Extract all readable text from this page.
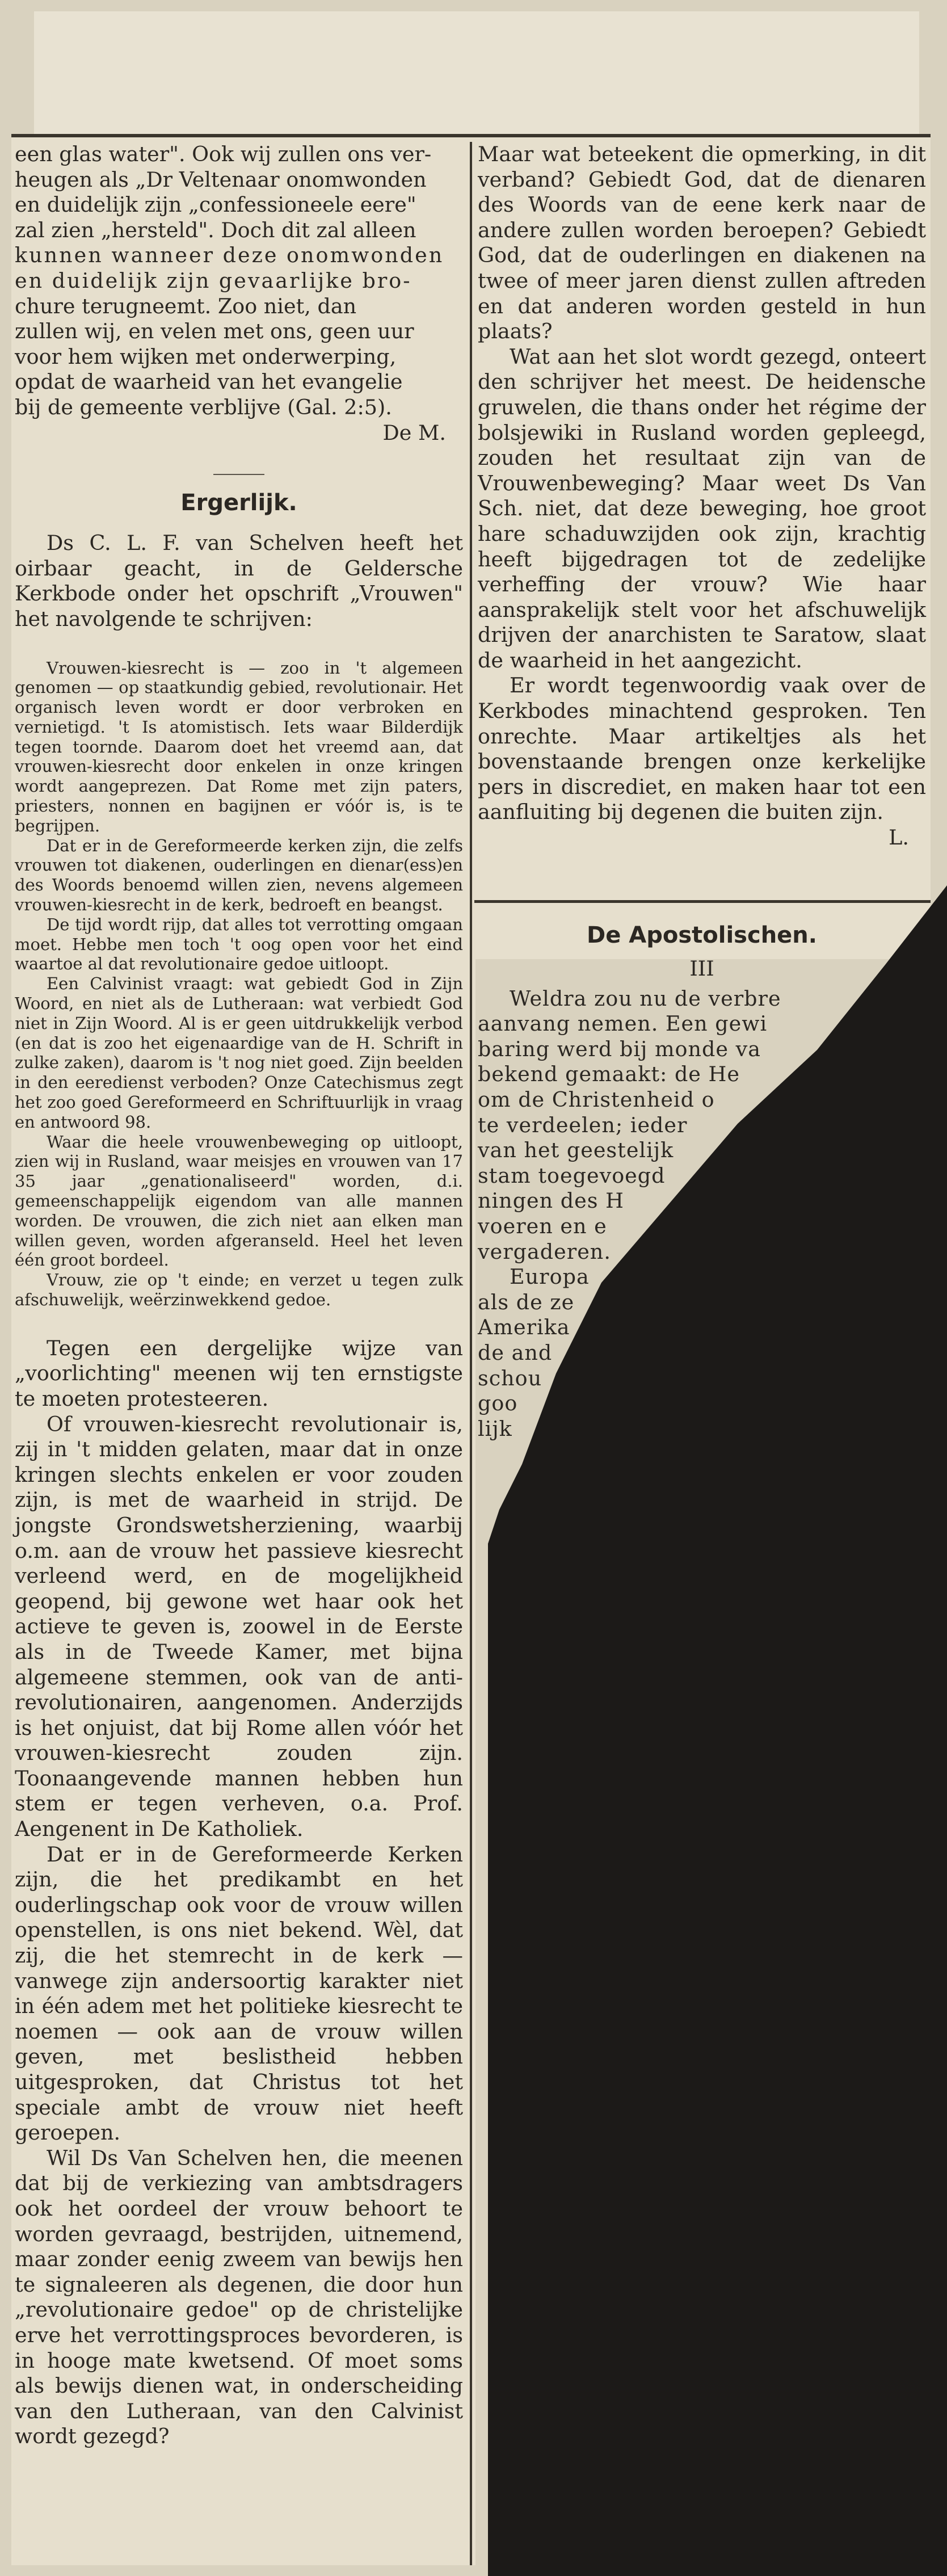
een glas water". Ook wij zullen ons ver-

heugen als „Dr Veltenaar onomwonden

en duidelijk zijn „confessioneele eere"

zal zien „hersteld". Doch dit zal alleen

kunnen wanneer deze onomwonden

en duidelijk zijn gevaarlijke bro-

chure terugneemt. Zoo niet, dan

zullen wij, en velen met ons, geen uur

voor hem wijken met onderwerping,

opdat de waarheid van het evangelie

bij de gemeente verblijve (Gal. 2:5).

De M.

Ergerlijk.

Ds C. L. F. van Schelven heeft het oirbaar geacht, in de Geldersche Kerkbode onder het opschrift „Vrouwen" het navolgende te schrijven:

Vrouwen-kiesrecht is — zoo in 't algemeen genomen — op staatkundig gebied, revolutionair. Het organisch leven wordt er door verbroken en vernietigd. 't Is atomistisch. Iets waar Bilderdijk tegen toornde. Daarom doet het vreemd aan, dat vrouwen-kiesrecht door enkelen in onze kringen wordt aangeprezen. Dat Rome met zijn paters, priesters, nonnen en bagijnen er vóór is, is te begrijpen.

Dat er in de Gereformeerde kerken zijn, die zelfs vrouwen tot diakenen, ouderlingen en dienar(ess)en des Woords benoemd willen zien, nevens algemeen vrouwen-kiesrecht in de kerk, bedroeft en beangst.

De tijd wordt rijp, dat alles tot verrotting omgaan moet. Hebbe men toch 't oog open voor het eind waartoe al dat revolutionaire gedoe uitloopt.

Een Calvinist vraagt: wat gebiedt God in Zijn Woord, en niet als de Lutheraan: wat verbiedt God niet in Zijn Woord. Al is er geen uitdrukkelijk verbod (en dat is zoo het eigenaardige van de H. Schrift in zulke zaken), daarom is 't nog niet goed. Zijn beelden in den eeredienst verboden? Onze Catechismus zegt het zoo goed Gereformeerd en Schriftuurlijk in vraag en antwoord 98.

Waar die heele vrouwenbeweging op uitloopt, zien wij in Rusland, waar meisjes en vrouwen van 17 35 jaar „genationaliseerd" worden, d.i. gemeenschappelijk eigendom van alle mannen worden. De vrouwen, die zich niet aan elken man willen geven, worden afgeranseld. Heel het leven één groot bordeel.

Vrouw, zie op 't einde; en verzet u tegen zulk afschuwelijk, weërzinwekkend gedoe.

Tegen een dergelijke wijze van „voorlichting" meenen wij ten ernstigste te moeten protesteeren.

Of vrouwen-kiesrecht revolutionair is, zij in 't midden gelaten, maar dat in onze kringen slechts enkelen er voor zouden zijn, is met de waarheid in strijd. De jongste Grondswetsherziening, waarbij o.m. aan de vrouw het passieve kiesrecht verleend werd, en de mogelijkheid geopend, bij gewone wet haar ook het actieve te geven is, zoowel in de Eerste als in de Tweede Kamer, met bijna algemeene stemmen, ook van de anti-revolutionairen, aangenomen. Anderzijds is het onjuist, dat bij Rome allen vóór het vrouwen-kiesrecht zouden zijn. Toonaangevende mannen hebben hun stem er tegen verheven, o.a. Prof. Aengenent in De Katholiek.

Dat er in de Gereformeerde Kerken zijn, die het predikambt en het ouderlingschap ook voor de vrouw willen openstellen, is ons niet bekend. Wèl, dat zij, die het stemrecht in de kerk — vanwege zijn andersoortig karakter niet in één adem met het politieke kiesrecht te noemen — ook aan de vrouw willen geven, met beslistheid hebben uitgesproken, dat Christus tot het speciale ambt de vrouw niet heeft geroepen.

Wil Ds Van Schelven hen, die meenen dat bij de verkiezing van ambtsdragers ook het oordeel der vrouw behoort te worden gevraagd, bestrijden, uitnemend, maar zonder eenig zweem van bewijs hen te signaleeren als degenen, die door hun „revolutionaire gedoe" op de christelijke erve het verrottingsproces bevorderen, is in hooge mate kwetsend. Of moet soms als bewijs dienen wat, in onderscheiding van den Lutheraan, van den Calvinist wordt gezegd?

Maar wat beteekent die opmerking, in dit verband? Gebiedt God, dat de dienaren des Woords van de eene kerk naar de andere zullen worden beroepen? Gebiedt God, dat de ouderlingen en diakenen na twee of meer jaren dienst zullen aftreden en dat anderen worden gesteld in hun plaats?

Wat aan het slot wordt gezegd, onteert den schrijver het meest. De heidensche gruwelen, die thans onder het régime der bolsjewiki in Rusland worden gepleegd, zouden het resultaat zijn van de Vrouwenbeweging? Maar weet Ds Van Sch. niet, dat deze beweging, hoe groot hare schaduwzijden ook zijn, krachtig heeft bijgedragen tot de zedelijke verheffing der vrouw? Wie haar aansprakelijk stelt voor het afschuwelijk drijven der anarchisten te Saratow, slaat de waarheid in het aangezicht.

Er wordt tegenwoordig vaak over de Kerkbodes minachtend gesproken. Ten onrechte. Maar artikeltjes als het bovenstaande brengen onze kerkelijke pers in discrediet, en maken haar tot een aanfluiting bij degenen die buiten zijn.

L.

De Apostolischen.

III

Weldra zou nu de verbre

aanvang nemen. Een gewi

baring werd bij monde va

bekend gemaakt: de He

om de Christenheid o

te verdeelen; ieder

van het geestelijk

stam toegevoegd

ningen des H

voeren en e

vergaderen.

Europa

als de ze

Amerika

de and

schou

goo

lijk
